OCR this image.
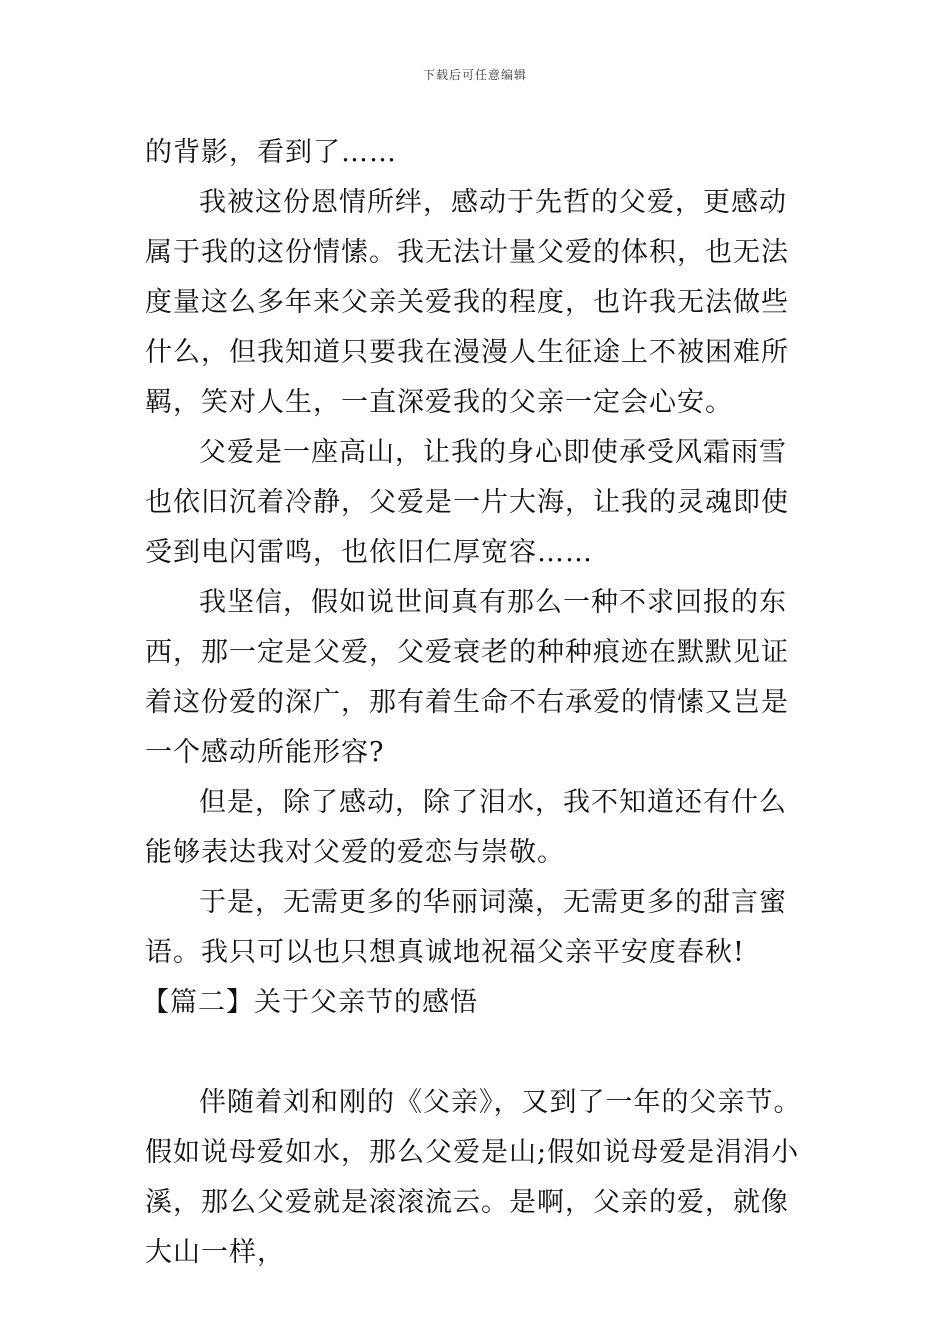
下载后可任意编辑

的背影，看到了……

我被这份恩情所绊，感动于先哲的父爱，更感动属于我的这份情愫。我无法计量父爱的体积，也无法度量这么多年来父亲关爱我的程度，也许我无法做些什么，但我知道只要我在漫漫人生征途上不被困难所羁，笑对人生，一直深爱我的父亲一定会心安。

父爱是一座高山，让我的身心即使承受风霜雨雪也依旧沉着冷静，父爱是一片大海，让我的灵魂即使受到电闪雷鸣，也依旧仁厚宽容……

我坚信，假如说世间真有那么一种不求回报的东西，那一定是父爱，父爱衰老的种种痕迹在默默见证着这份爱的深广，那有着生命不右承爱的情愫又岂是一个感动所能形容?

但是，除了感动，除了泪水，我不知道还有什么能够表达我对父爱的爱恋与崇敬。

于是，无需更多的华丽词藻，无需更多的甜言蜜语。我只可以也只想真诚地祝福父亲平安度春秋!

【篇二】关于父亲节的感悟

伴随着刘和刚的《父亲》，又到了一年的父亲节。假如说母爱如水，那么父爱是山;假如说母爱是涓涓小溪，那么父爱就是滚滚流云。是啊，父亲的爱，就像大山一样，
